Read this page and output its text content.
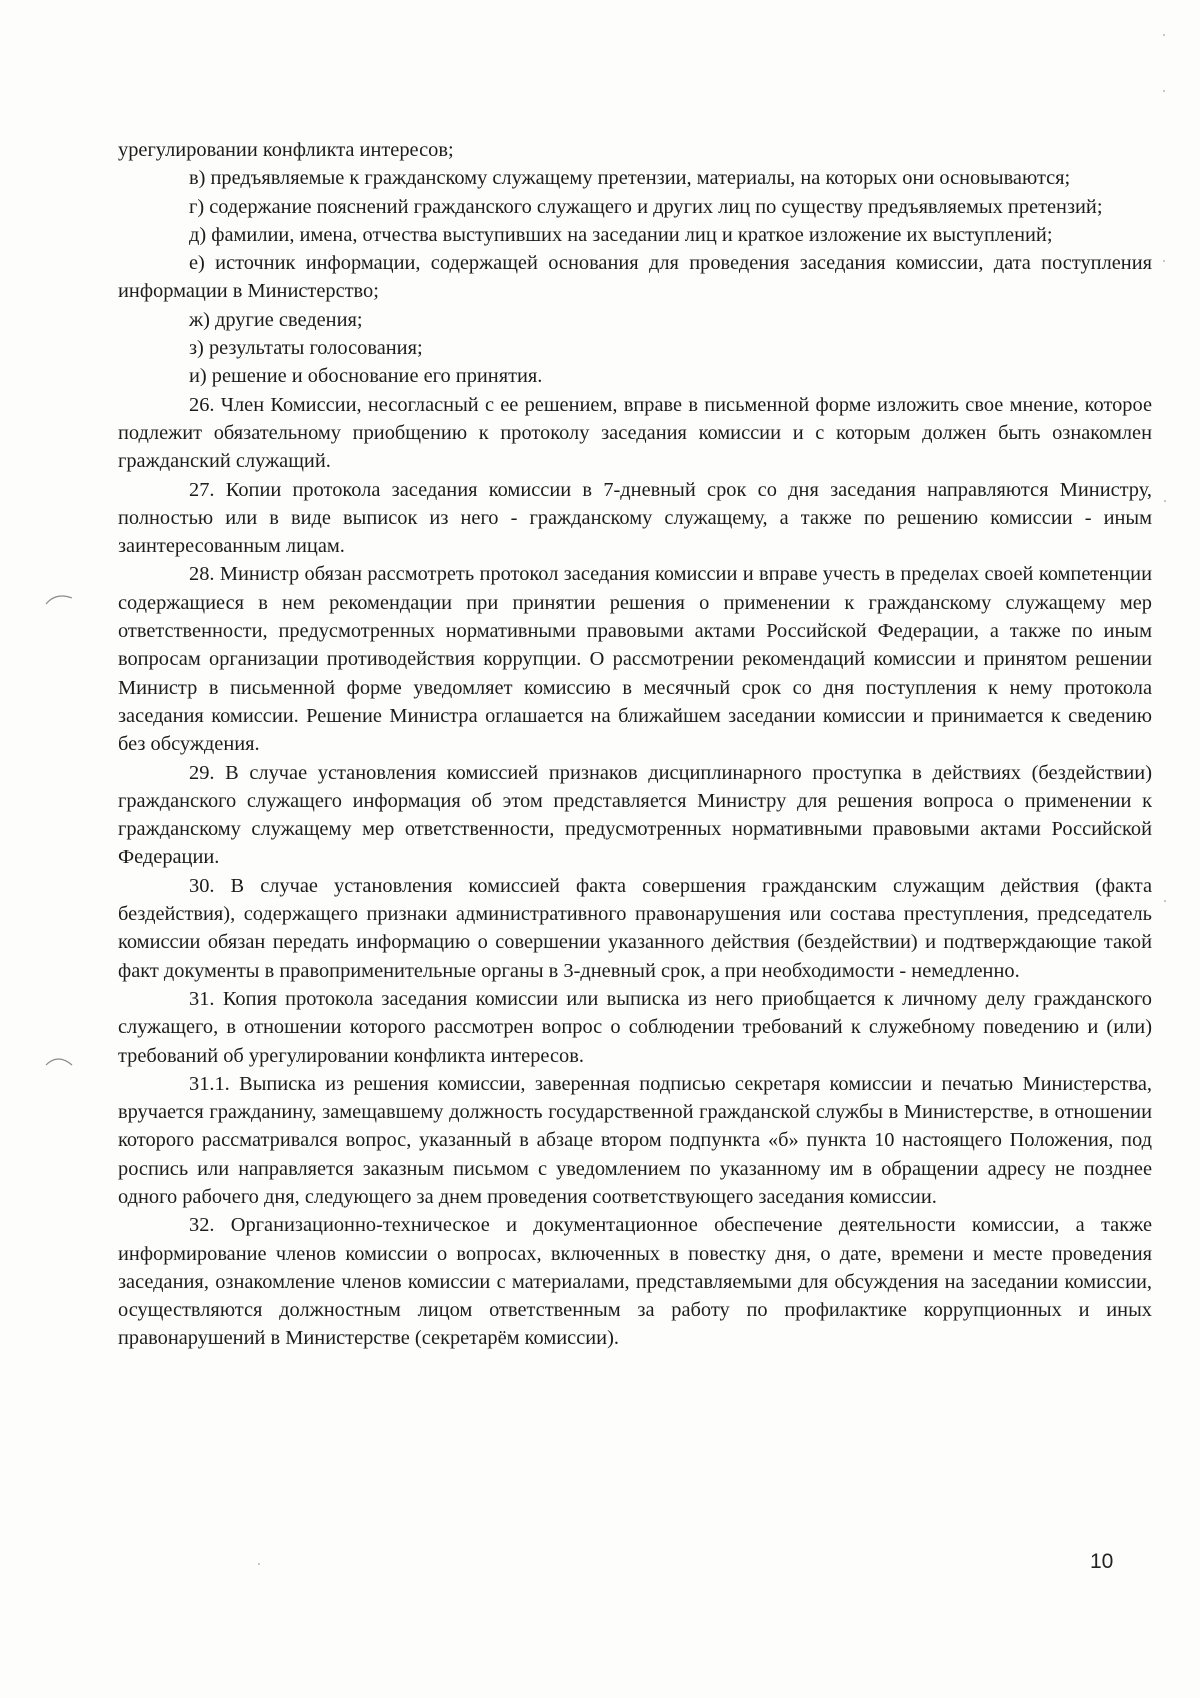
урегулировании конфликта интересов;

в) предъявляемые к гражданскому служащему претензии, материалы, на которых они основываются;

г) содержание пояснений гражданского служащего и других лиц по существу предъявляемых претензий;

д) фамилии, имена, отчества выступивших на заседании лиц и краткое изложение их выступлений;

е) источник информации, содержащей основания для проведения заседания комиссии, дата поступления информации в Министерство;

ж) другие сведения;

з) результаты голосования;

и) решение и обоснование его принятия.

26. Член Комиссии, несогласный с ее решением, вправе в письменной форме изложить свое мнение, которое подлежит обязательному приобщению к протоколу заседания комиссии и с которым должен быть ознакомлен гражданский служащий.

27. Копии протокола заседания комиссии в 7-дневный срок со дня заседания направляются Министру, полностью или в виде выписок из него - гражданскому служащему, а также по решению комиссии - иным заинтересованным лицам.

28. Министр обязан рассмотреть протокол заседания комиссии и вправе учесть в пределах своей компетенции содержащиеся в нем рекомендации при принятии решения о применении к гражданскому служащему мер ответственности, предусмотренных нормативными правовыми актами Российской Федерации, а также по иным вопросам организации противодействия коррупции. О рассмотрении рекомендаций комиссии и принятом решении Министр в письменной форме уведомляет комиссию в месячный срок со дня поступления к нему протокола заседания комиссии. Решение Министра оглашается на ближайшем заседании комиссии и принимается к сведению без обсуждения.

29. В случае установления комиссией признаков дисциплинарного проступка в действиях (бездействии) гражданского служащего информация об этом представляется Министру для решения вопроса о применении к гражданскому служащему мер ответственности, предусмотренных нормативными правовыми актами Российской Федерации.

30. В случае установления комиссией факта совершения гражданским служащим действия (факта бездействия), содержащего признаки административного правонарушения или состава преступления, председатель комиссии обязан передать информацию о совершении указанного действия (бездействии) и подтверждающие такой факт документы в правоприменительные органы в 3-дневный срок, а при необходимости - немедленно.

31. Копия протокола заседания комиссии или выписка из него приобщается к личному делу гражданского служащего, в отношении которого рассмотрен вопрос о соблюдении требований к служебному поведению и (или) требований об урегулировании конфликта интересов.

31.1. Выписка из решения комиссии, заверенная подписью секретаря комиссии и печатью Министерства, вручается гражданину, замещавшему должность государственной гражданской службы в Министерстве, в отношении которого рассматривался вопрос, указанный в абзаце втором подпункта «б» пункта 10 настоящего Положения, под роспись или направляется заказным письмом с уведомлением по указанному им в обращении адресу не позднее одного рабочего дня, следующего за днем проведения соответствующего заседания комиссии.

32. Организационно-техническое и документационное обеспечение деятельности комиссии, а также информирование членов комиссии о вопросах, включенных в повестку дня, о дате, времени и месте проведения заседания, ознакомление членов комиссии с материалами, представляемыми для обсуждения на заседании комиссии, осуществляются должностным лицом ответственным за работу по профилактике коррупционных и иных правонарушений в Министерстве (секретарём комиссии).

10
